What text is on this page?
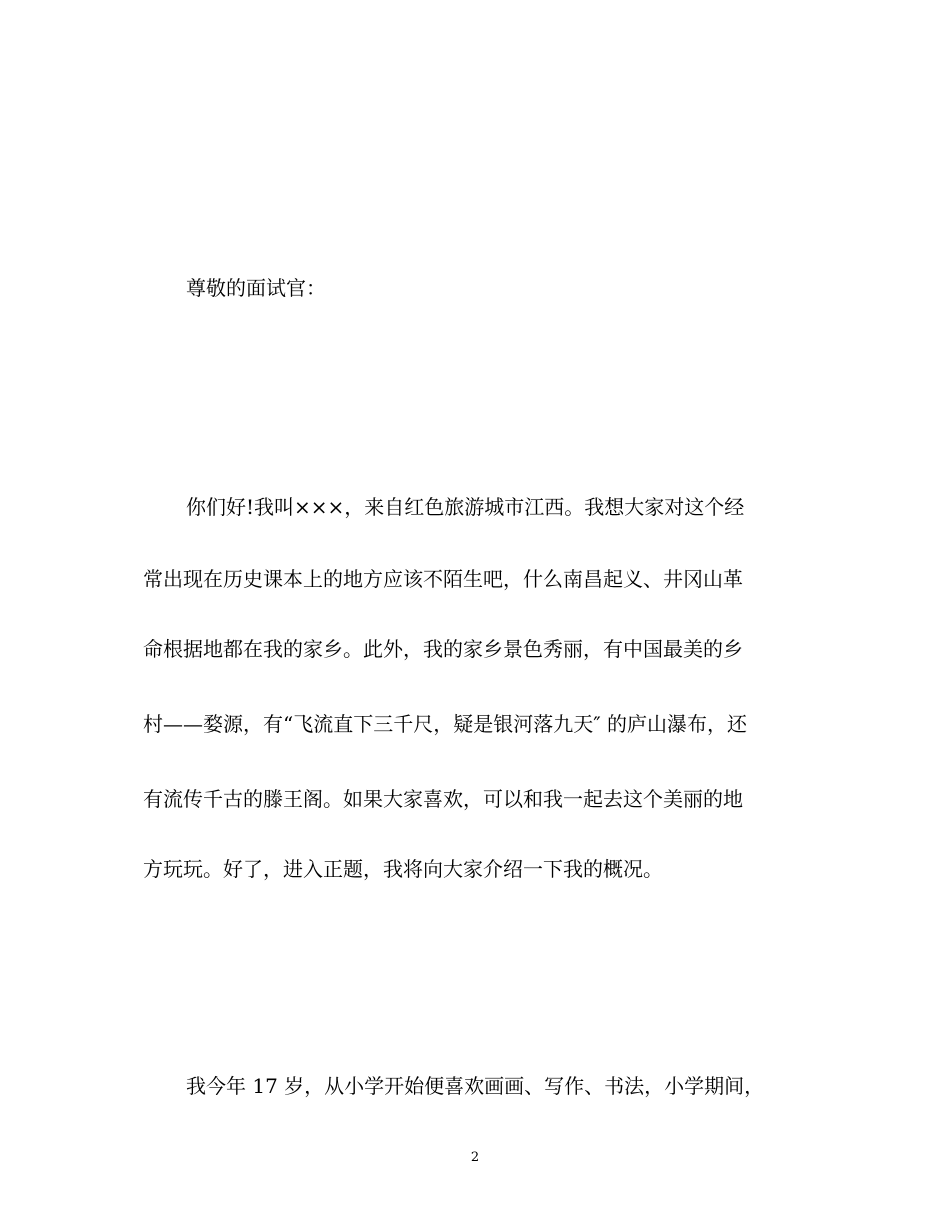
尊敬的面试官：
你们好!我叫×××，来自红色旅游城市江西。我想大家对这个经
常出现在历史课本上的地方应该不陌生吧，什么南昌起义、井冈山革
命根据地都在我的家乡。此外，我的家乡景色秀丽，有中国最美的乡
村——婺源，有“飞流直下三千尺，疑是银河落九天″ 的庐山瀑布，还
有流传千古的滕王阁。如果大家喜欢，可以和我一起去这个美丽的地
方玩玩。好了，进入正题，我将向大家介绍一下我的概况。
我今年 17 岁，从小学开始便喜欢画画、写作、书法，小学期间，
2
